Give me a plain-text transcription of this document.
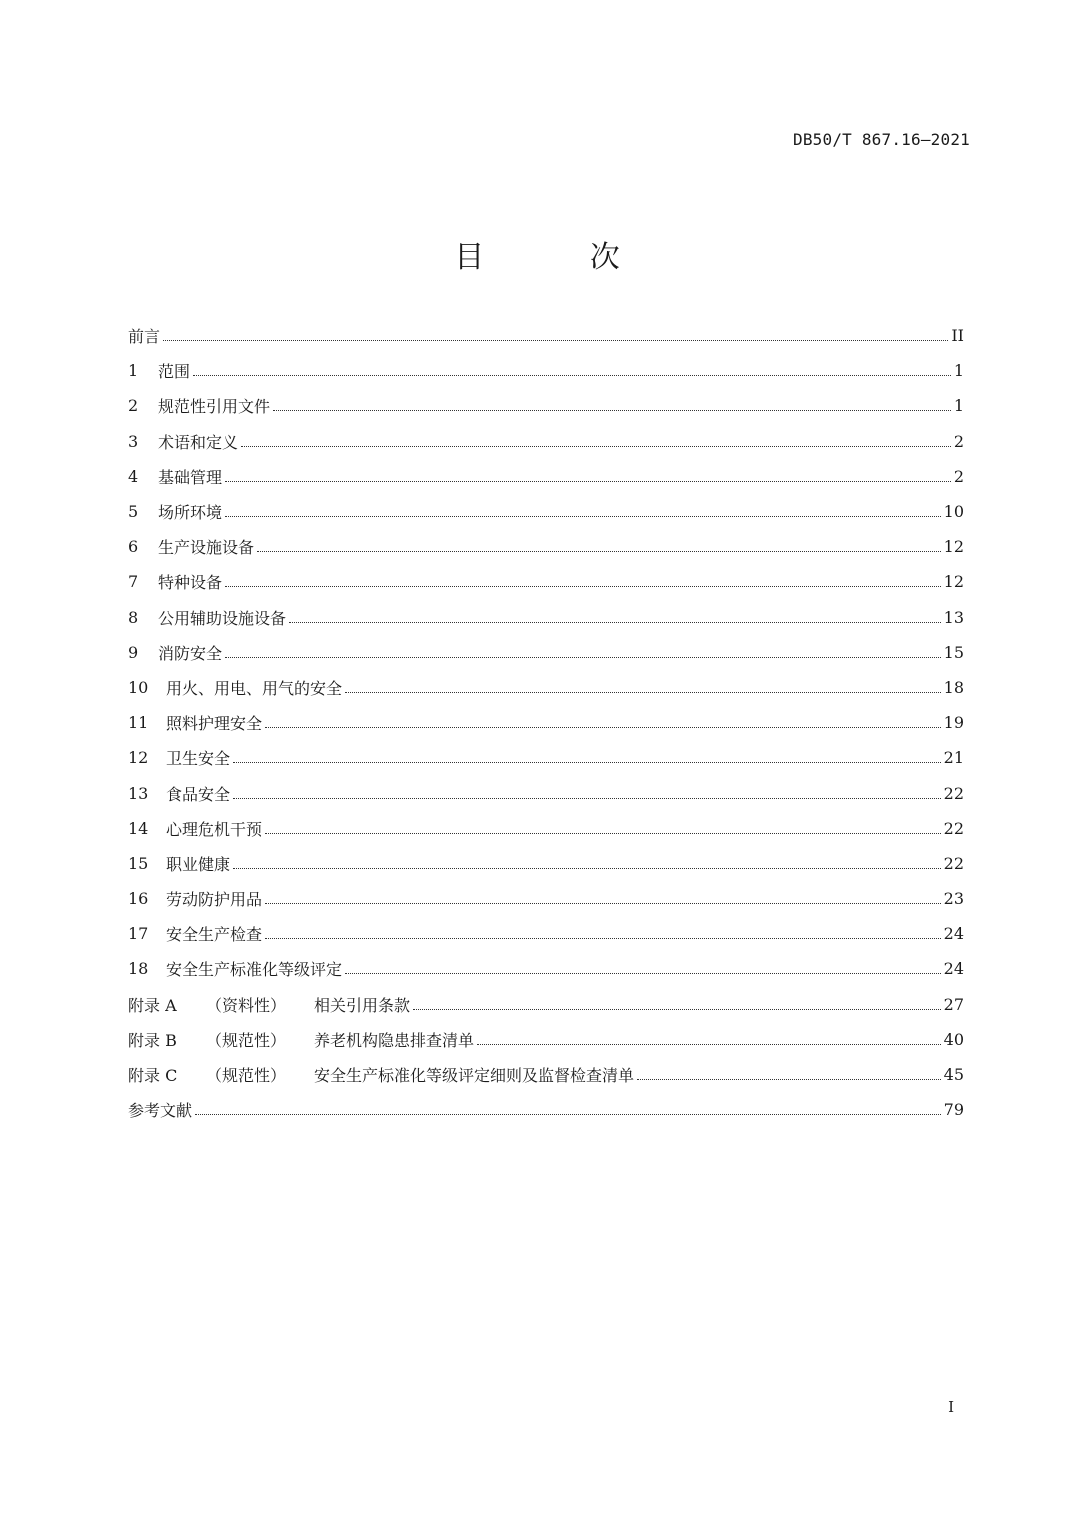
DB50/T 867.16—2021
目 次
前言	II
1	范围	1
2	规范性引用文件	1
3	术语和定义	2
4	基础管理	2
5	场所环境	10
6	生产设施设备	12
7	特种设备	12
8	公用辅助设施设备	13
9	消防安全	15
10	用火、用电、用气的安全	18
11	照料护理安全	19
12	卫生安全	21
13	食品安全	22
14	心理危机干预	22
15	职业健康	22
16	劳动防护用品	23
17	安全生产检查	24
18	安全生产标准化等级评定	24
附录 A	（资料性）	相关引用条款	27
附录 B	（规范性）	养老机构隐患排查清单	40
附录 C	（规范性）	安全生产标准化等级评定细则及监督检查清单	45
参考文献	79
I
